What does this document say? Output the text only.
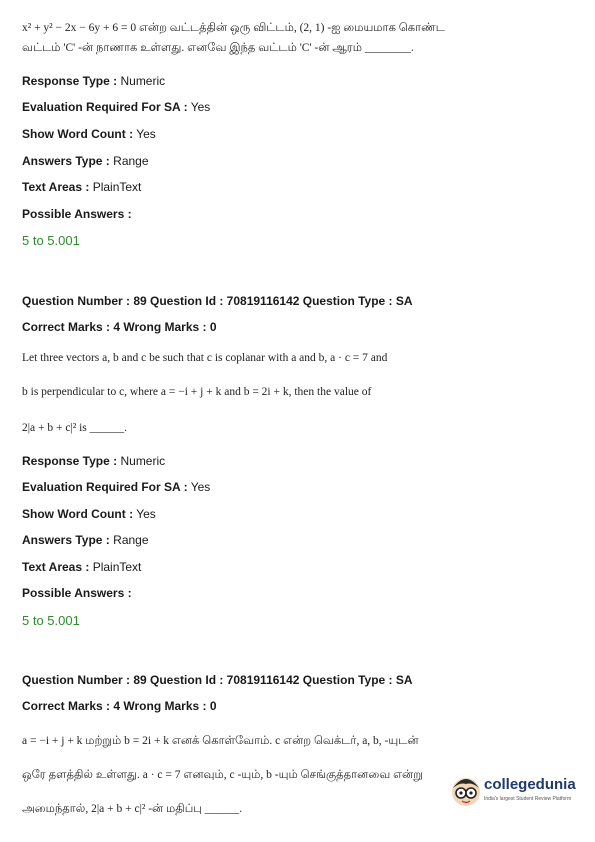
x² + y² − 2x − 6y + 6 = 0 என்ற வட்டத்தின் ஒரு விட்டம், (2, 1) -ஐ மையமாக கொண்ட
வட்டம் 'C' -ன் நாணாக உள்ளது. எனவே இந்த வட்டம் 'C' -ன் ஆரம் ________.
Response Type : Numeric
Evaluation Required For SA : Yes
Show Word Count : Yes
Answers Type : Range
Text Areas : PlainText
Possible Answers :
5 to 5.001
Question Number : 89 Question Id : 70819116142 Question Type : SA
Correct Marks : 4 Wrong Marks : 0
Let three vectors a, b and c be such that c is coplanar with a and b, a · c = 7 and
b is perpendicular to c, where a = −i + j + k and b = 2i + k, then the value of
2|a + b + c|² is ______.
Response Type : Numeric
Evaluation Required For SA : Yes
Show Word Count : Yes
Answers Type : Range
Text Areas : PlainText
Possible Answers :
5 to 5.001
Question Number : 89 Question Id : 70819116142 Question Type : SA
Correct Marks : 4 Wrong Marks : 0
a = −i + j + k மற்றும் b = 2i + k எனக் கொள்வோம். c என்ற வெக்டர், a, b, -யுடன்
ஒரே தளத்தில் உள்ளது. a · c = 7 எனவும், c -யும், b -யும் செங்குத்தானவை என்று
அமைந்தால், 2|a + b + c|² -ன் மதிப்பு ______.
collegedunia
India's largest Student Review Platform
